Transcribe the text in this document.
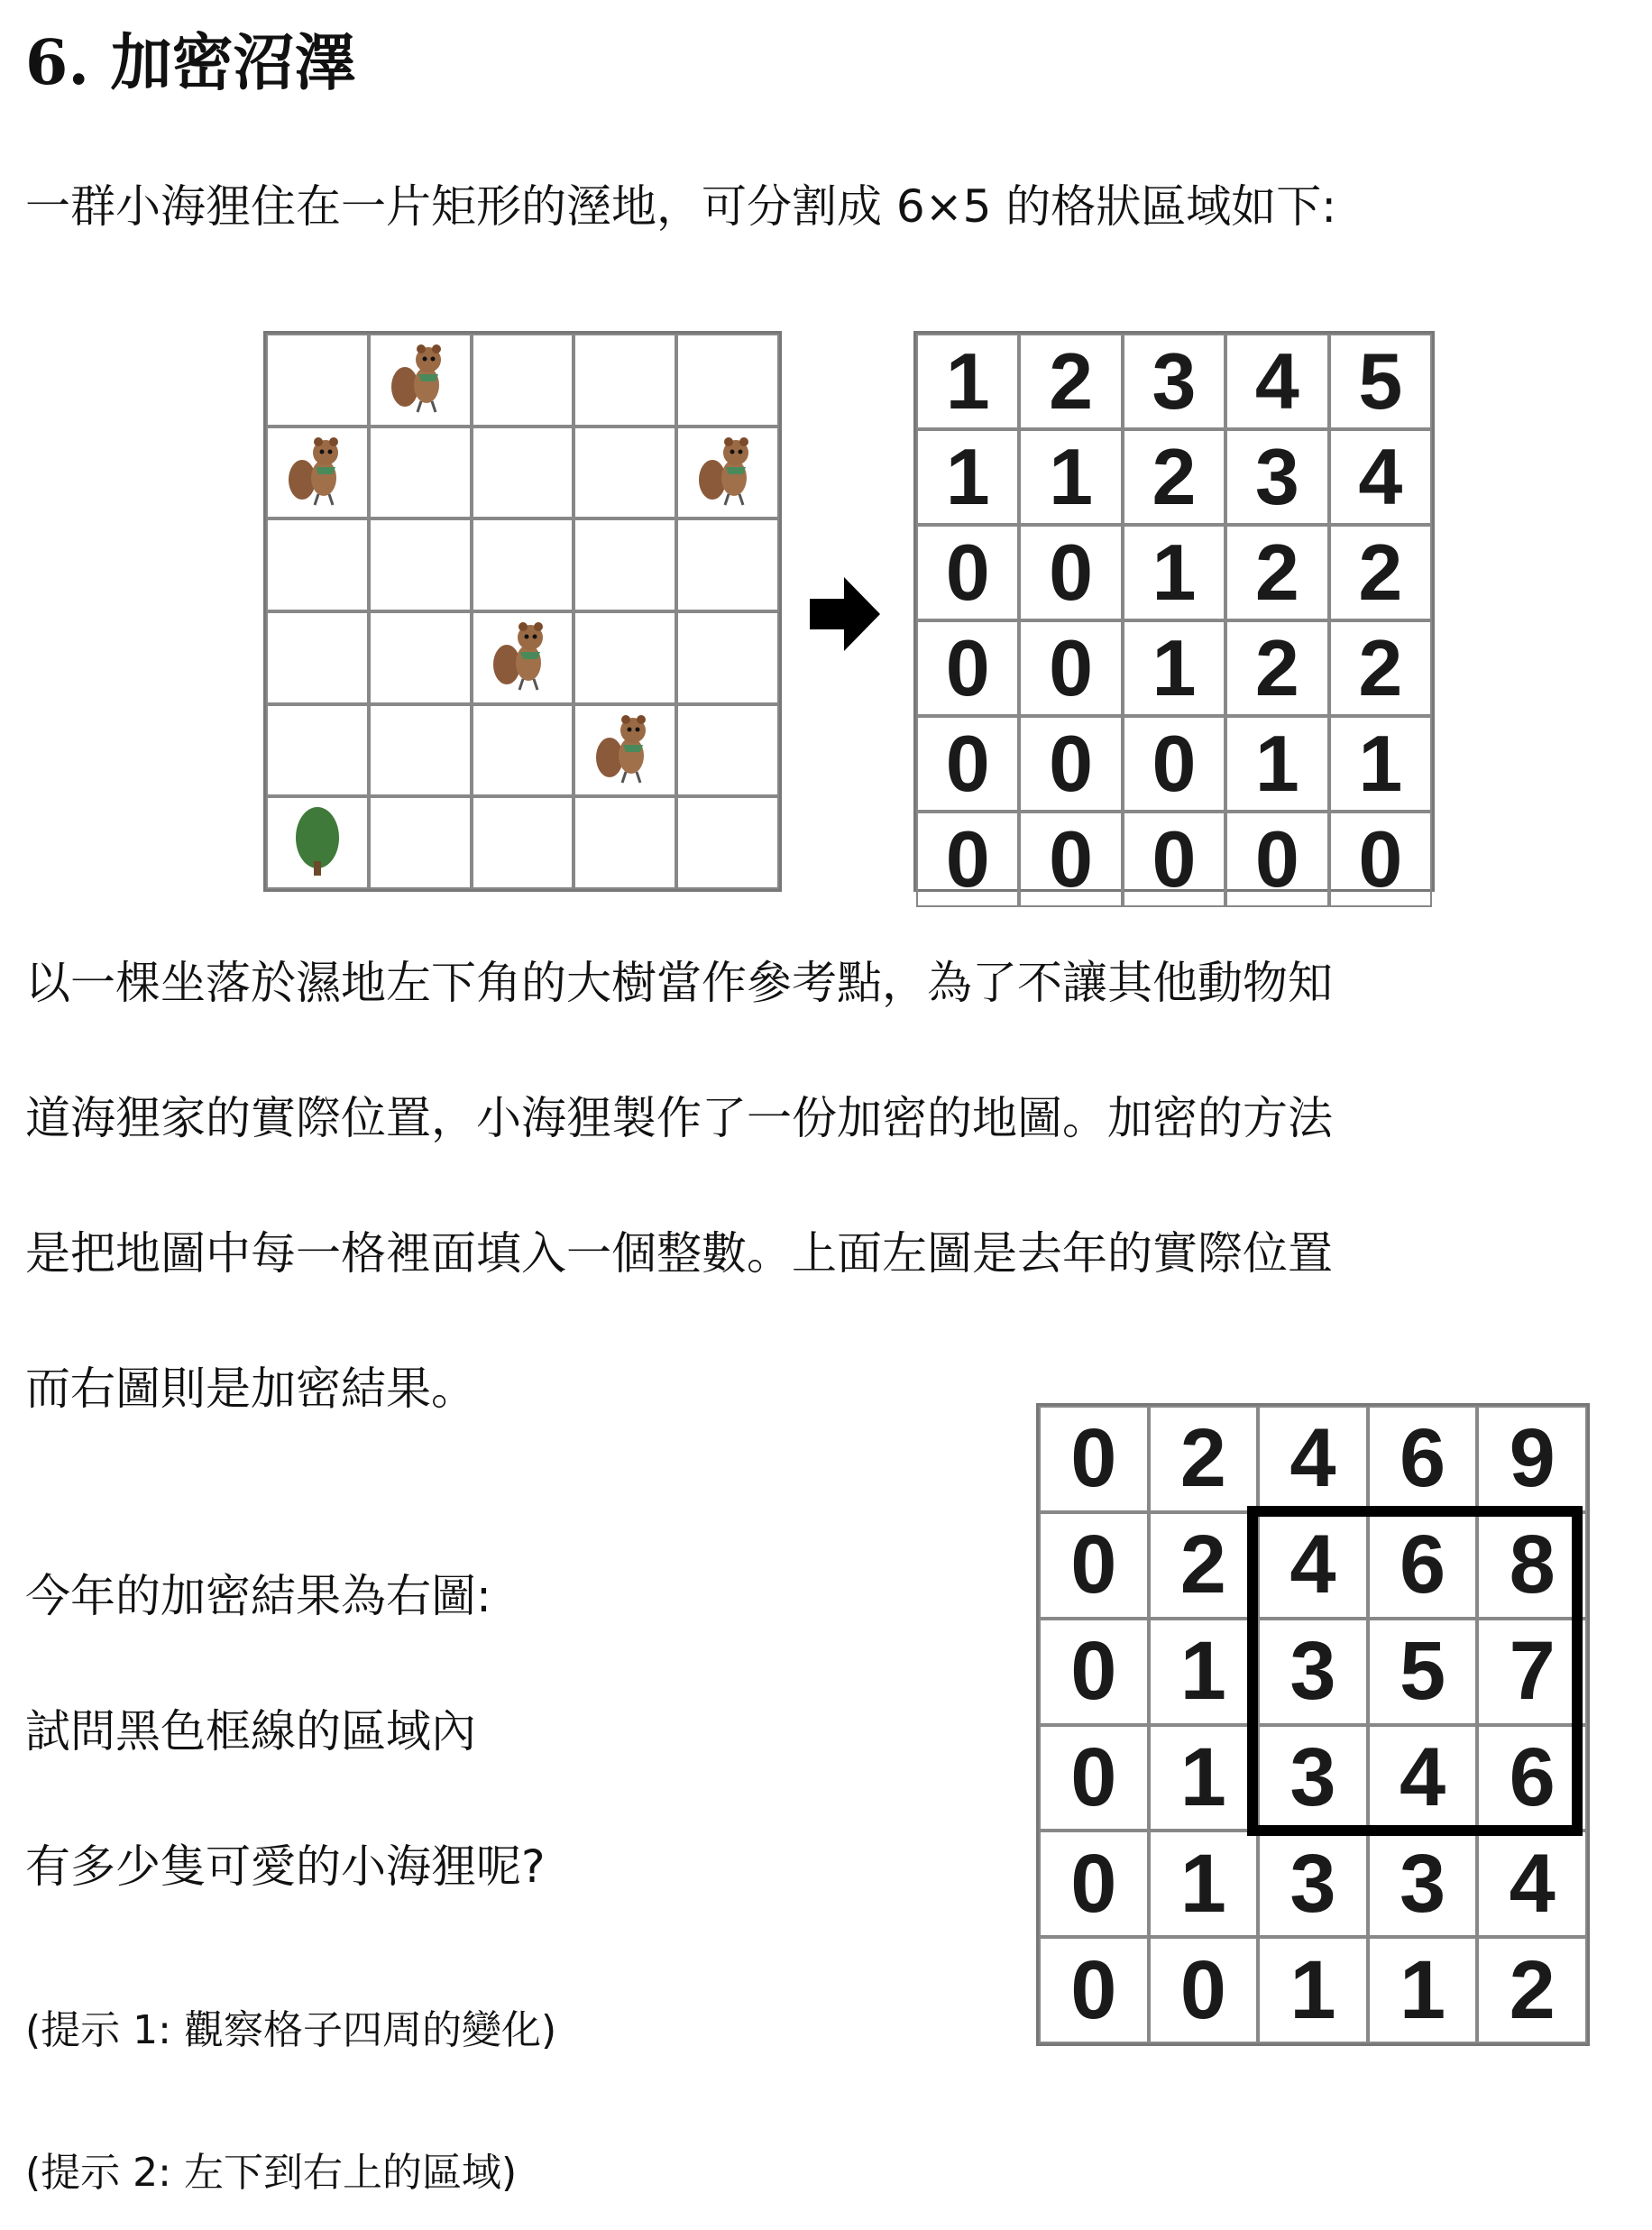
6. 加密沼澤
一群小海狸住在一片矩形的溼地，可分割成 6×5 的格狀區域如下:
1 2 3 4 5
1 1 2 3 4
0 0 1 2 2
0 0 1 2 2
0 0 0 1 1
0 0 0 0 0
以一棵坐落於濕地左下角的大樹當作參考點，為了不讓其他動物知
道海狸家的實際位置，小海狸製作了一份加密的地圖。加密的方法
是把地圖中每一格裡面填入一個整數。上面左圖是去年的實際位置
而右圖則是加密結果。
今年的加密結果為右圖:
試問黑色框線的區域內
有多少隻可愛的小海狸呢?
(提示 1: 觀察格子四周的變化)
(提示 2: 左下到右上的區域)
0 2 4 6 9
0 2 4 6 8
0 1 3 5 7
0 1 3 4 6
0 1 3 3 4
0 0 1 1 2
